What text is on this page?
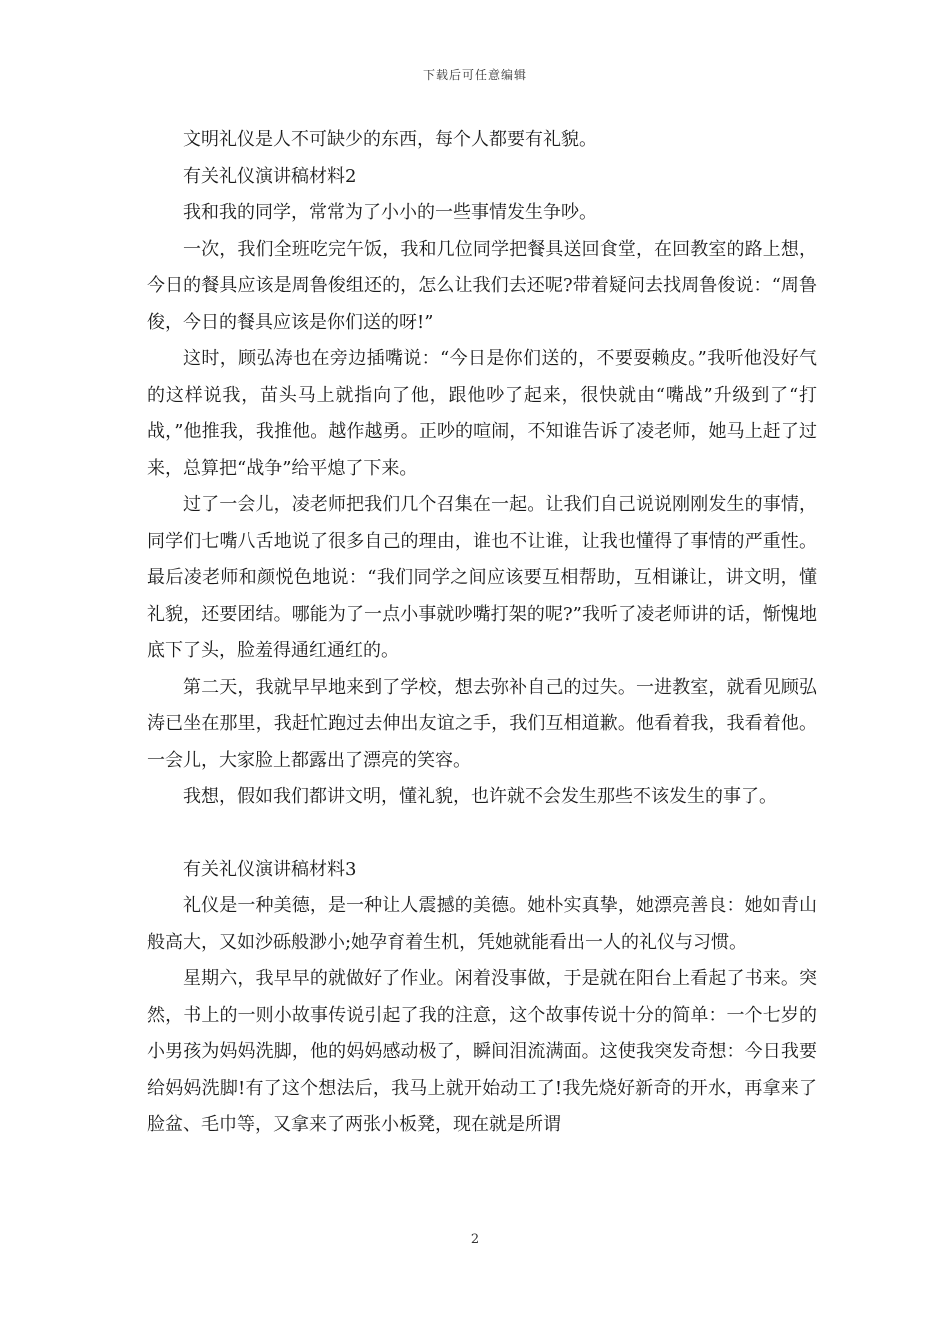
下载后可任意编辑

文明礼仪是人不可缺少的东西，每个人都要有礼貌。

有关礼仪演讲稿材料2

我和我的同学，常常为了小小的一些事情发生争吵。

一次，我们全班吃完午饭，我和几位同学把餐具送回食堂，在回教室的路上想，今日的餐具应该是周鲁俊组还的，怎么让我们去还呢?带着疑问去找周鲁俊说：“周鲁俊，今日的餐具应该是你们送的呀!”

这时，顾弘涛也在旁边插嘴说：“今日是你们送的，不要耍赖皮。”我听他没好气的这样说我，苗头马上就指向了他，跟他吵了起来，很快就由“嘴战”升级到了“打战，”他推我，我推他。越作越勇。正吵的喧闹，不知谁告诉了凌老师，她马上赶了过来，总算把“战争”给平熄了下来。

过了一会儿，凌老师把我们几个召集在一起。让我们自己说说刚刚发生的事情，同学们七嘴八舌地说了很多自己的理由，谁也不让谁，让我也懂得了事情的严重性。最后凌老师和颜悦色地说：“我们同学之间应该要互相帮助，互相谦让，讲文明，懂礼貌，还要团结。哪能为了一点小事就吵嘴打架的呢?”我听了凌老师讲的话，惭愧地底下了头，脸羞得通红通红的。

第二天，我就早早地来到了学校，想去弥补自己的过失。一进教室，就看见顾弘涛已坐在那里，我赶忙跑过去伸出友谊之手，我们互相道歉。他看着我，我看着他。一会儿，大家脸上都露出了漂亮的笑容。

我想，假如我们都讲文明，懂礼貌，也许就不会发生那些不该发生的事了。

有关礼仪演讲稿材料3

礼仪是一种美德，是一种让人震撼的美德。她朴实真挚，她漂亮善良：她如青山般高大，又如沙砾般渺小;她孕育着生机，凭她就能看出一人的礼仪与习惯。

星期六，我早早的就做好了作业。闲着没事做，于是就在阳台上看起了书来。突然，书上的一则小故事传说引起了我的注意，这个故事传说十分的简单：一个七岁的小男孩为妈妈洗脚，他的妈妈感动极了，瞬间泪流满面。这使我突发奇想：今日我要给妈妈洗脚!有了这个想法后，我马上就开始动工了!我先烧好新奇的开水，再拿来了脸盆、毛巾等，又拿来了两张小板凳，现在就是所谓

2
